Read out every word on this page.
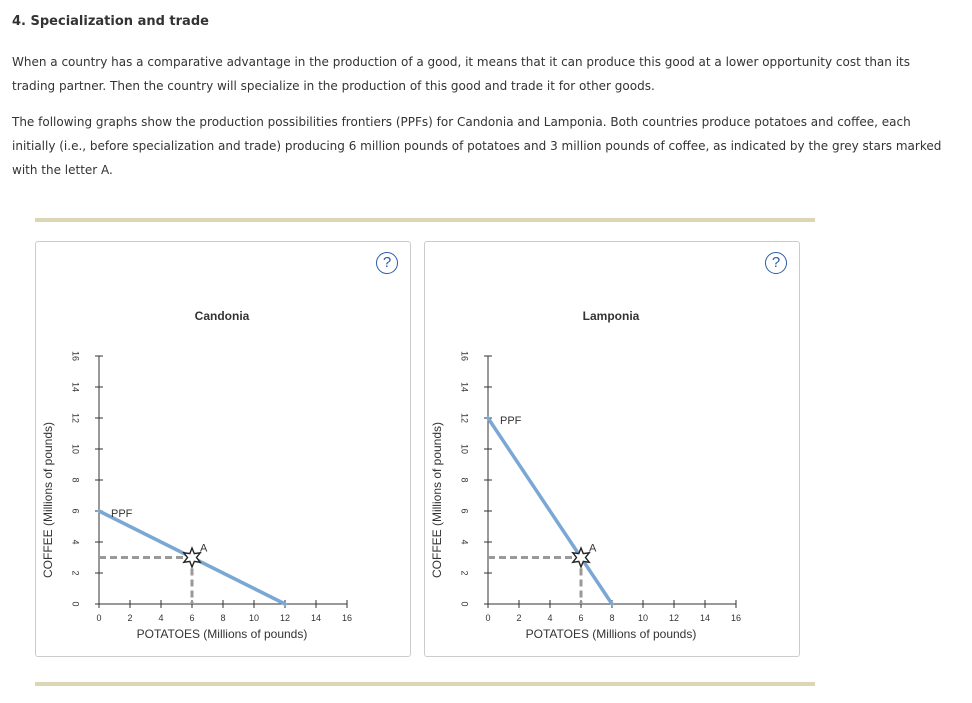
4. Specialization and trade

When a country has a comparative advantage in the production of a good, it means that it can produce this good at a lower opportunity cost than its trading partner. Then the country will specialize in the production of this good and trade it for other goods.

The following graphs show the production possibilities frontiers (PPFs) for Candonia and Lamponia. Both countries produce potatoes and coffee, each initially (i.e., before specialization and trade) producing 6 million pounds of potatoes and 3 million pounds of coffee, as indicated by the grey stars marked with the letter A.

?
Candonia
0	2	4	6	8	10 12 14 16
0
2
4
6
8
10
12
14
16
POTATOES (Millions of pounds)
COFFEE (Millions of pounds)	PPF
A
?
Lamponia
0	2	4	6	8	10 12 14 16
0
2
4
6
8
10
12
14
16
POTATOES (Millions of pounds)
COFFEE (Millions of pounds)
PPF
A
